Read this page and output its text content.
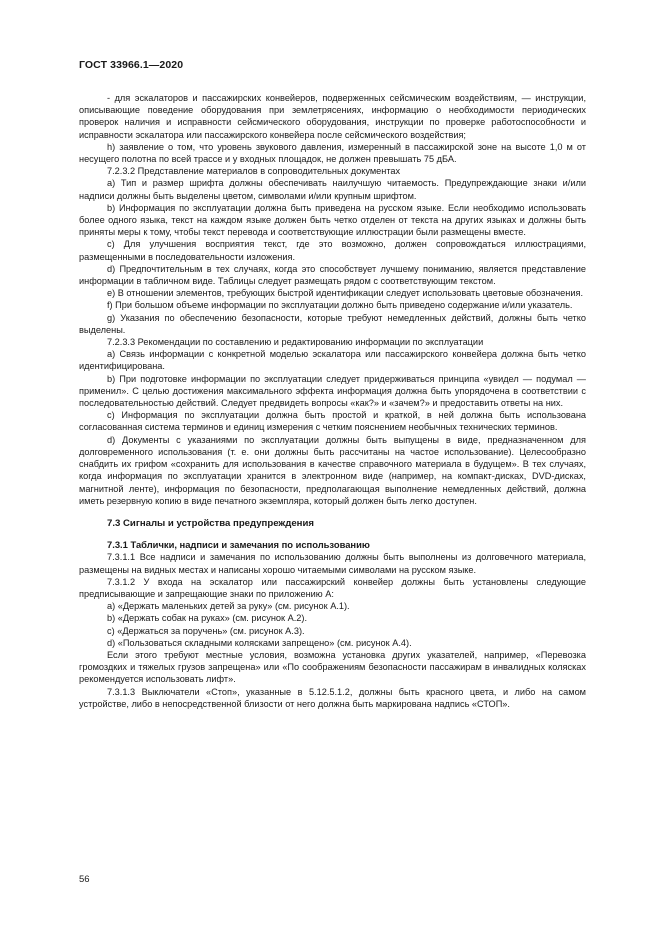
ГОСТ 33966.1—2020

- для эскалаторов и пассажирских конвейеров, подверженных сейсмическим воздействиям, — инструкции, описывающие поведение оборудования при землетрясениях, информацию о необходимости периодических проверок наличия и исправности сейсмического оборудования, инструкции по проверке работоспособности и исправности эскалатора или пассажирского конвейера после сейсмического воздействия;

h) заявление о том, что уровень звукового давления, измеренный в пассажирской зоне на высоте 1,0 м от несущего полотна по всей трассе и у входных площадок, не должен превышать 75 дБА.

7.2.3.2 Представление материалов в сопроводительных документах

а) Тип и размер шрифта должны обеспечивать наилучшую читаемость. Предупреждающие знаки и/или надписи должны быть выделены цветом, символами и/или крупным шрифтом.

b) Информация по эксплуатации должна быть приведена на русском языке. Если необходимо использовать более одного языка, текст на каждом языке должен быть четко отделен от текста на других языках и должны быть приняты меры к тому, чтобы текст перевода и соответствующие иллюстрации были размещены вместе.

c) Для улучшения восприятия текст, где это возможно, должен сопровождаться иллюстрациями, размещенными в последовательности изложения.

d) Предпочтительным в тех случаях, когда это способствует лучшему пониманию, является представление информации в табличном виде. Таблицы следует размещать рядом с соответствующим текстом.

e) В отношении элементов, требующих быстрой идентификации следует использовать цветовые обозначения.

f) При большом объеме информации по эксплуатации должно быть приведено содержание и/или указатель.

g) Указания по обеспечению безопасности, которые требуют немедленных действий, должны быть четко выделены.

7.2.3.3 Рекомендации по составлению и редактированию информации по эксплуатации

а) Связь информации с конкретной моделью эскалатора или пассажирского конвейера должна быть четко идентифицирована.

b) При подготовке информации по эксплуатации следует придерживаться принципа «увидел — подумал — применил». С целью достижения максимального эффекта информация должна быть упорядочена в соответствии с последовательностью действий. Следует предвидеть вопросы «как?» и «зачем?» и предоставить ответы на них.

c) Информация по эксплуатации должна быть простой и краткой, в ней должна быть использована согласованная система терминов и единиц измерения с четким пояснением необычных технических терминов.

d) Документы с указаниями по эксплуатации должны быть выпущены в виде, предназначенном для долговременного использования (т. е. они должны быть рассчитаны на частое использование). Целесообразно снабдить их грифом «сохранить для использования в качестве справочного материала в будущем». В тех случаях, когда информация по эксплуатации хранится в электронном виде (например, на компакт-дисках, DVD-дисках, магнитной ленте), информация по безопасности, предполагающая выполнение немедленных действий, должна иметь резервную копию в виде печатного экземпляра, который должен быть легко доступен.

7.3 Сигналы и устройства предупреждения

7.3.1 Таблички, надписи и замечания по использованию

7.3.1.1 Все надписи и замечания по использованию должны быть выполнены из долговечного материала, размещены на видных местах и написаны хорошо читаемыми символами на русском языке.

7.3.1.2 У входа на эскалатор или пассажирский конвейер должны быть установлены следующие предписывающие и запрещающие знаки по приложению А:

а) «Держать маленьких детей за руку» (см. рисунок А.1).

b) «Держать собак на руках» (см. рисунок А.2).

c) «Держаться за поручень» (см. рисунок А.3).

d) «Пользоваться складными колясками запрещено» (см. рисунок А.4).

Если этого требуют местные условия, возможна установка других указателей, например, «Перевозка громоздких и тяжелых грузов запрещена» или «По соображениям безопасности пассажирам в инвалидных колясках рекомендуется использовать лифт».

7.3.1.3 Выключатели «Стоп», указанные в 5.12.5.1.2, должны быть красного цвета, и либо на самом устройстве, либо в непосредственной близости от него должна быть маркирована надпись «СТОП».

56
